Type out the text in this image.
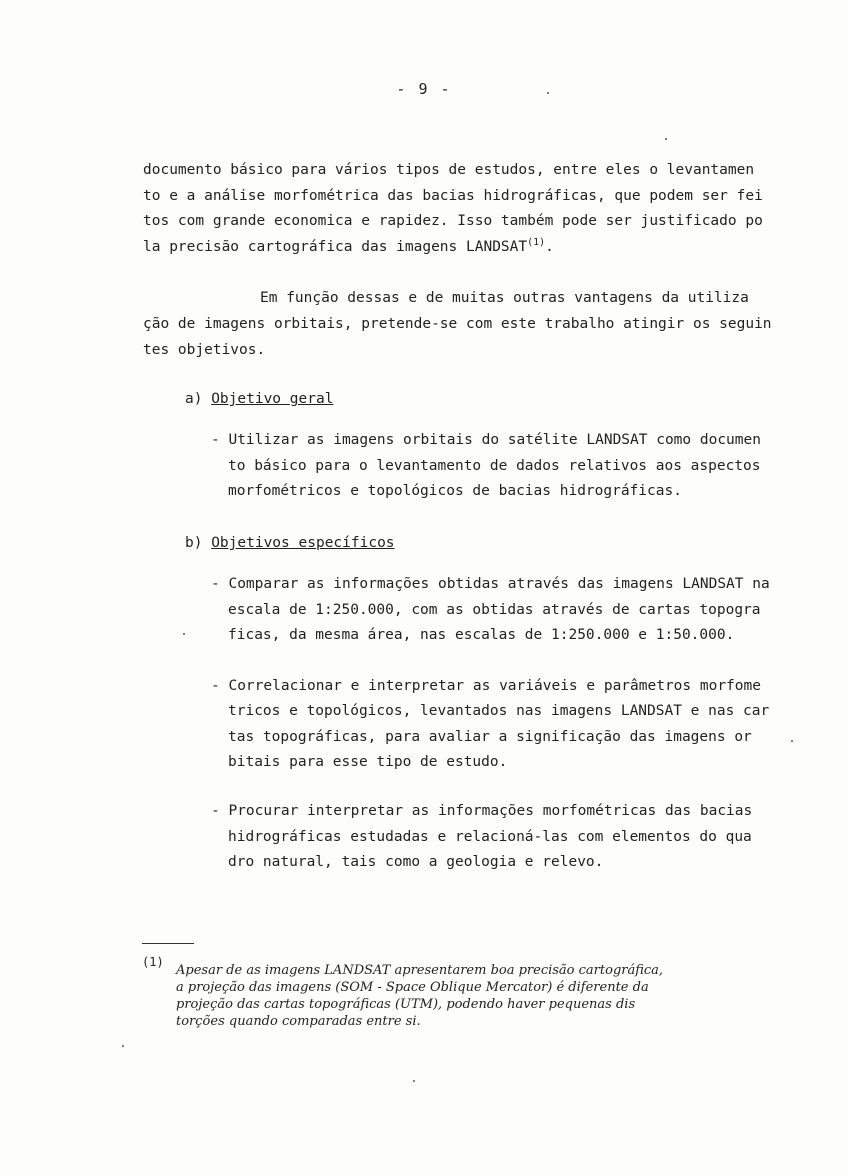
- 9 -
documento básico para vários tipos de estudos, entre eles o levantamen
to e a análise morfométrica das bacias hidrográficas, que podem ser fei
tos com grande economica e rapidez. Isso também pode ser justificado po
la precisão cartográfica das imagens LANDSAT$^{(1)}$.
Em função dessas e de muitas outras vantagens da utiliza
ção de imagens orbitais, pretende-se com este trabalho atingir os seguin
tes objetivos.
a) Objetivo geral
- Utilizar as imagens orbitais do satélite LANDSAT como documen
to básico para o levantamento de dados relativos aos aspectos
morfométricos e topológicos de bacias hidrográficas.
b) Objetivos específicos
- Comparar as informações obtidas através das imagens LANDSAT na
escala de 1:250.000, com as obtidas através de cartas topogra
ficas, da mesma área, nas escalas de 1:250.000 e 1:50.000.
- Correlacionar e interpretar as variáveis e parâmetros morfome
tricos e topológicos, levantados nas imagens LANDSAT e nas car
tas topográficas, para avaliar a significação das imagens or
bitais para esse tipo de estudo.
- Procurar interpretar as informações morfométricas das bacias
hidrográficas estudadas e relacioná-las com elementos do qua
dro natural, tais como a geologia e relevo.
(1)
Apesar de as imagens LANDSAT apresentarem boa precisão cartográfica,
a projeção das imagens (SOM - Space Oblique Mercator) é diferente da
projeção das cartas topográficas (UTM), podendo haver pequenas dis
torções quando comparadas entre si.
